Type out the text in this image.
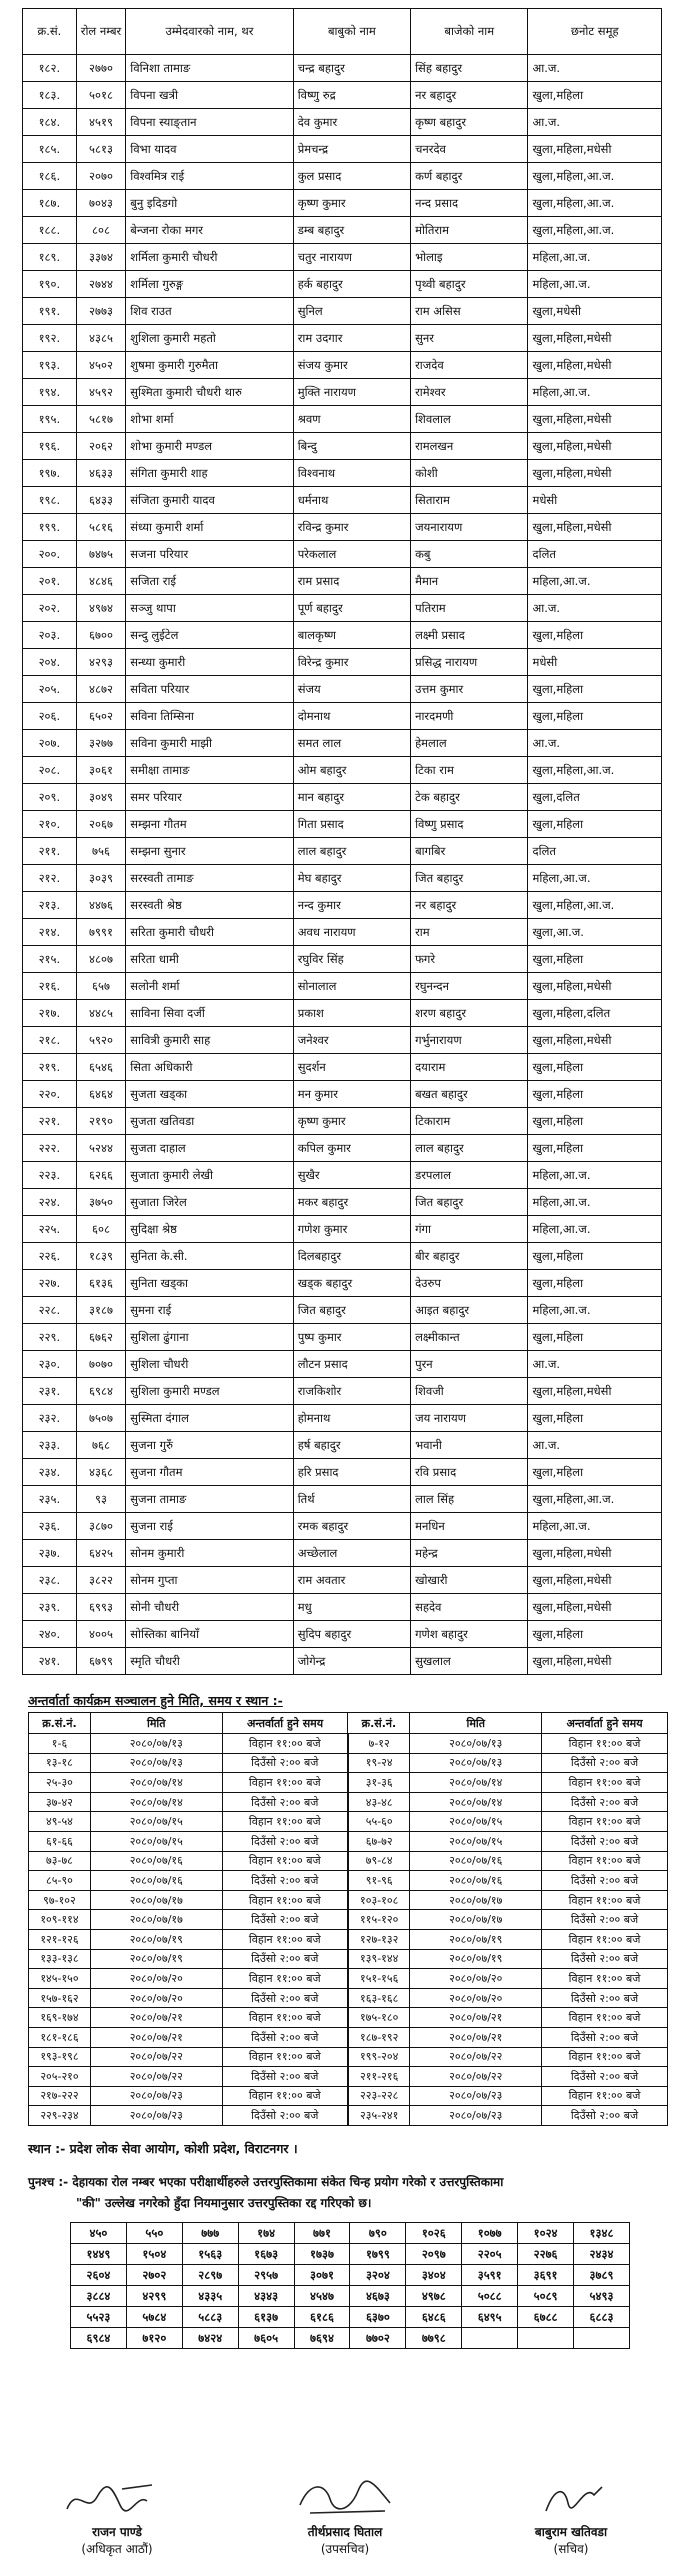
क्र.सं.	रोल नम्बर	उम्मेदवारको नाम, थर	बाबुको नाम	बाजेको नाम	छनोट समूह
१८२.	२७७०	विनिशा तामाङ	चन्द्र बहादुर	सिंह बहादुर	आ.ज.
१८३.	५०१८	विपना खत्री	विष्णु रुद्र	नर बहादुर	खुला,महिला
१८४.	४५१९	विपना स्याङ्तान	देव कुमार	कृष्ण बहादुर	आ.ज.
१८५.	५८१३	विभा यादव	प्रेमचन्द्र	चनरदेव	खुला,महिला,मधेसी
१८६.	२०७०	विश्वमित्र राई	कुल प्रसाद	कर्ण बहादुर	खुला,महिला,आ.ज.
१८७.	७०४३	बुनु इदिडगो	कृष्ण कुमार	नन्द प्रसाद	खुला,महिला,आ.ज.
१८८.	८०८	बेन्जना रोका मगर	डम्ब बहादुर	मोतिराम	खुला,महिला,आ.ज.
१८९.	३३७४	शर्मिला कुमारी चौधरी	चतुर नारायण	भोलाइ	महिला,आ.ज.
१९०.	२७४४	शर्मिला गुरुङ्ग	हर्क बहादुर	पृथ्वी बहादुर	महिला,आ.ज.
१९१.	२७७३	शिव राउत	सुनिल	राम असिस	खुला,मधेसी
१९२.	४३८५	शुशिला कुमारी महतो	राम उदगार	सुनर	खुला,महिला,मधेसी
१९३.	४५०२	शुषमा कुमारी गुरुमैता	संजय कुमार	राजदेव	खुला,महिला,मधेसी
१९४.	४५९२	सुश्मिता कुमारी चौधरी थारु	मुक्ति नारायण	रामेश्वर	महिला,आ.ज.
१९५.	५८१७	शोभा शर्मा	श्रवण	शिवलाल	खुला,महिला,मधेसी
१९६.	२०६२	शोभा कुमारी मण्डल	बिन्दु	रामलखन	खुला,महिला,मधेसी
१९७.	४६३३	संगिता कुमारी शाह	विश्वनाथ	कोशी	खुला,महिला,मधेसी
१९८.	६४३३	संजिता कुमारी यादव	धर्मनाथ	सिताराम	मधेसी
१९९.	५८१६	संध्या कुमारी शर्मा	रविन्द्र कुमार	जयनारायण	खुला,महिला,मधेसी
२००.	७४७५	सजना परियार	परेकलाल	कबु	दलित
२०१.	४८४६	सजिता राई	राम प्रसाद	मैमान	महिला,आ.ज.
२०२.	४९७४	सञ्जु थापा	पूर्ण बहादुर	पतिराम	आ.ज.
२०३.	६७००	सन्दु लुईटेल	बालकृष्ण	लक्ष्मी प्रसाद	खुला,महिला
२०४.	४२९३	सन्ध्या कुमारी	विरेन्द्र कुमार	प्रसिद्ध नारायण	मधेसी
२०५.	४८७२	सविता परियार	संजय	उत्तम कुमार	खुला,महिला
२०६.	६५०२	सविना तिम्सिना	दोमनाथ	नारदमणी	खुला,महिला
२०७.	३२७७	सविना कुमारी माझी	समत लाल	हेमलाल	आ.ज.
२०८.	३०६१	समीक्षा तामाङ	ओम बहादुर	टिका राम	खुला,महिला,आ.ज.
२०९.	३०४९	समर परियार	मान बहादुर	टेक बहादुर	खुला,दलित
२१०.	२०६७	सम्झना गौतम	गिता प्रसाद	विष्णु प्रसाद	खुला,महिला
२११.	७५६	सम्झना सुनार	लाल बहादुर	बागबिर	दलित
२१२.	३०३९	सरस्वती तामाङ	मेघ बहादुर	जित बहादुर	महिला,आ.ज.
२१३.	४४७६	सरस्वती श्रेष्ठ	नन्द कुमार	नर बहादुर	खुला,महिला,आ.ज.
२१४.	७९९१	सरिता कुमारी चौधरी	अवध नारायण	राम	खुला,आ.ज.
२१५.	४८०७	सरिता धामी	रघुविर सिंह	फगरे	खुला,महिला
२१६.	६५७	सलोनी शर्मा	सोनालाल	रघुनन्दन	खुला,महिला,मधेसी
२१७.	४४८५	साविना सिवा दर्जी	प्रकाश	शरण बहादुर	खुला,महिला,दलित
२१८.	५९२०	सावित्री कुमारी साह	जनेश्वर	गर्भुनारायण	खुला,महिला,मधेसी
२१९.	६५४६	सिता अधिकारी	सुदर्शन	दयाराम	खुला,महिला
२२०.	६४६४	सुजता खड्का	मन कुमार	बखत बहादुर	खुला,महिला
२२१.	२१९०	सुजता खतिवडा	कृष्ण कुमार	टिकाराम	खुला,महिला
२२२.	५२४४	सुजता दाहाल	कपिल कुमार	लाल बहादुर	खुला,महिला
२२३.	६२६६	सुजाता कुमारी लेखी	सुखैर	डरपलाल	महिला,आ.ज.
२२४.	३७५०	सुजाता जिरेल	मकर बहादुर	जित बहादुर	महिला,आ.ज.
२२५.	६०८	सुदिक्षा श्रेष्ठ	गणेश कुमार	गंगा	महिला,आ.ज.
२२६.	१८३९	सुनिता के.सी.	दिलबहादुर	बीर बहादुर	खुला,महिला
२२७.	६१३६	सुनिता खड्का	खड्क बहादुर	देउरुप	खुला,महिला
२२८.	३१८७	सुमना राई	जित बहादुर	आइत बहादुर	महिला,आ.ज.
२२९.	६७६२	सुशिला ढुंगाना	पुष्प कुमार	लक्ष्मीकान्त	खुला,महिला
२३०.	७०७०	सुशिला चौधरी	लौटन प्रसाद	पुरन	आ.ज.
२३१.	६९८४	सुशिला कुमारी मण्डल	राजकिशोर	शिवजी	खुला,महिला,मधेसी
२३२.	७५०७	सुस्मिता दंगाल	होमनाथ	जय नारायण	खुला,महिला
२३३.	७६८	सुजना गुरुँ	हर्ष बहादुर	भवानी	आ.ज.
२३४.	४३६८	सुजना गौतम	हरि प्रसाद	रवि प्रसाद	खुला,महिला
२३५.	९३	सुजना तामाङ	तिर्थ	लाल सिंह	खुला,महिला,आ.ज.
२३६.	३८७०	सुजना राई	रमक बहादुर	मनधिन	महिला,आ.ज.
२३७.	६४२५	सोनम कुमारी	अच्छेलाल	महेन्द्र	खुला,महिला,मधेसी
२३८.	३८२२	सोनम गुप्ता	राम अवतार	खोखारी	खुला,महिला,मधेसी
२३९.	६९९३	सोनी चौधरी	मधु	सहदेव	खुला,महिला,मधेसी
२४०.	४००५	सोस्तिका बानियाँ	सुदिप बहादुर	गणेश बहादुर	खुला,महिला
२४१.	६७९९	स्मृति चौधरी	जोगेन्द्र	सुखलाल	खुला,महिला,मधेसी
अन्तर्वार्ता कार्यक्रम सञ्चालन हुने मिति, समय र स्थान :-
क्र.सं.नं.	मिति	अन्तर्वार्ता हुने समय	क्र.सं.नं.	मिति	अन्तर्वार्ता हुने समय
१-६	२०८०/०७/१३	विहान ११:०० बजे	७-१२	२०८०/०७/१३	विहान ११:०० बजे
१३-१८	२०८०/०७/१३	दिउँसो २:०० बजे	१९-२४	२०८०/०७/१३	दिउँसो २:०० बजे
२५-३०	२०८०/०७/१४	विहान ११:०० बजे	३१-३६	२०८०/०७/१४	विहान ११:०० बजे
३७-४२	२०८०/०७/१४	दिउँसो २:०० बजे	४३-४८	२०८०/०७/१४	दिउँसो २:०० बजे
४९-५४	२०८०/०७/१५	विहान ११:०० बजे	५५-६०	२०८०/०७/१५	विहान ११:०० बजे
६१-६६	२०८०/०७/१५	दिउँसो २:०० बजे	६७-७२	२०८०/०७/१५	दिउँसो २:०० बजे
७३-७८	२०८०/०७/१६	विहान ११:०० बजे	७९-८४	२०८०/०७/१६	विहान ११:०० बजे
८५-९०	२०८०/०७/१६	दिउँसो २:०० बजे	९१-९६	२०८०/०७/१६	दिउँसो २:०० बजे
९७-१०२	२०८०/०७/१७	विहान ११:०० बजे	१०३-१०८	२०८०/०७/१७	विहान ११:०० बजे
१०९-११४	२०८०/०७/१७	दिउँसो २:०० बजे	११५-१२०	२०८०/०७/१७	दिउँसो २:०० बजे
१२१-१२६	२०८०/०७/१९	विहान ११:०० बजे	१२७-१३२	२०८०/०७/१९	विहान ११:०० बजे
१३३-१३८	२०८०/०७/१९	दिउँसो २:०० बजे	१३९-१४४	२०८०/०७/१९	दिउँसो २:०० बजे
१४५-१५०	२०८०/०७/२०	विहान ११:०० बजे	१५१-१५६	२०८०/०७/२०	विहान ११:०० बजे
१५७-१६२	२०८०/०७/२०	दिउँसो २:०० बजे	१६३-१६८	२०८०/०७/२०	दिउँसो २:०० बजे
१६९-१७४	२०८०/०७/२१	विहान ११:०० बजे	१७५-१८०	२०८०/०७/२१	विहान ११:०० बजे
१८१-१८६	२०८०/०७/२१	दिउँसो २:०० बजे	१८७-१९२	२०८०/०७/२१	दिउँसो २:०० बजे
१९३-१९८	२०८०/०७/२२	विहान ११:०० बजे	१९९-२०४	२०८०/०७/२२	विहान ११:०० बजे
२०५-२१०	२०८०/०७/२२	दिउँसो २:०० बजे	२११-२१६	२०८०/०७/२२	दिउँसो २:०० बजे
२१७-२२२	२०८०/०७/२३	विहान ११:०० बजे	२२३-२२८	२०८०/०७/२३	विहान ११:०० बजे
२२९-२३४	२०८०/०७/२३	दिउँसो २:०० बजे	२३५-२४१	२०८०/०७/२३	दिउँसो २:०० बजे
स्थान :- प्रदेश लोक सेवा आयोग, कोशी प्रदेश, विराटनगर ।
पुनश्च :- देहायका रोल नम्बर भएका परीक्षार्थीहरुले उत्तरपुस्तिकामा संकेत चिन्ह प्रयोग गरेको र उत्तरपुस्तिकामा
"की" उल्लेख नगरेको हुँदा नियमानुसार उत्तरपुस्तिका रद्द गरिएको छ।
४५०	५५०	७७७	१७४	७७१	७९०	१०२६	१०७७	१०२४	१३४८
१४४९	१५०४	१५६३	१६७३	१७३७	१७९९	२०९७	२२०५	२२७६	२४३४
२६०४	२७०२	२८९७	२९५७	३०७१	३२०४	३४०४	३५९१	३६९१	३७८९
३८८४	४२९९	४३३५	४३४३	४५४७	४६७३	४९७८	५०८८	५०८९	५४९३
५५२३	५७८४	५८८३	६१३७	६१८६	६३७०	६४८६	६४९५	६७८८	६८८३
६९८४	७१२०	७४२४	७६०५	७६९४	७७०२	७७९८			
राजन पाण्डे
(अधिकृत आठौं)
तीर्थप्रसाद घिताल
(उपसचिव)
बाबुराम खतिवडा
(सचिव)
